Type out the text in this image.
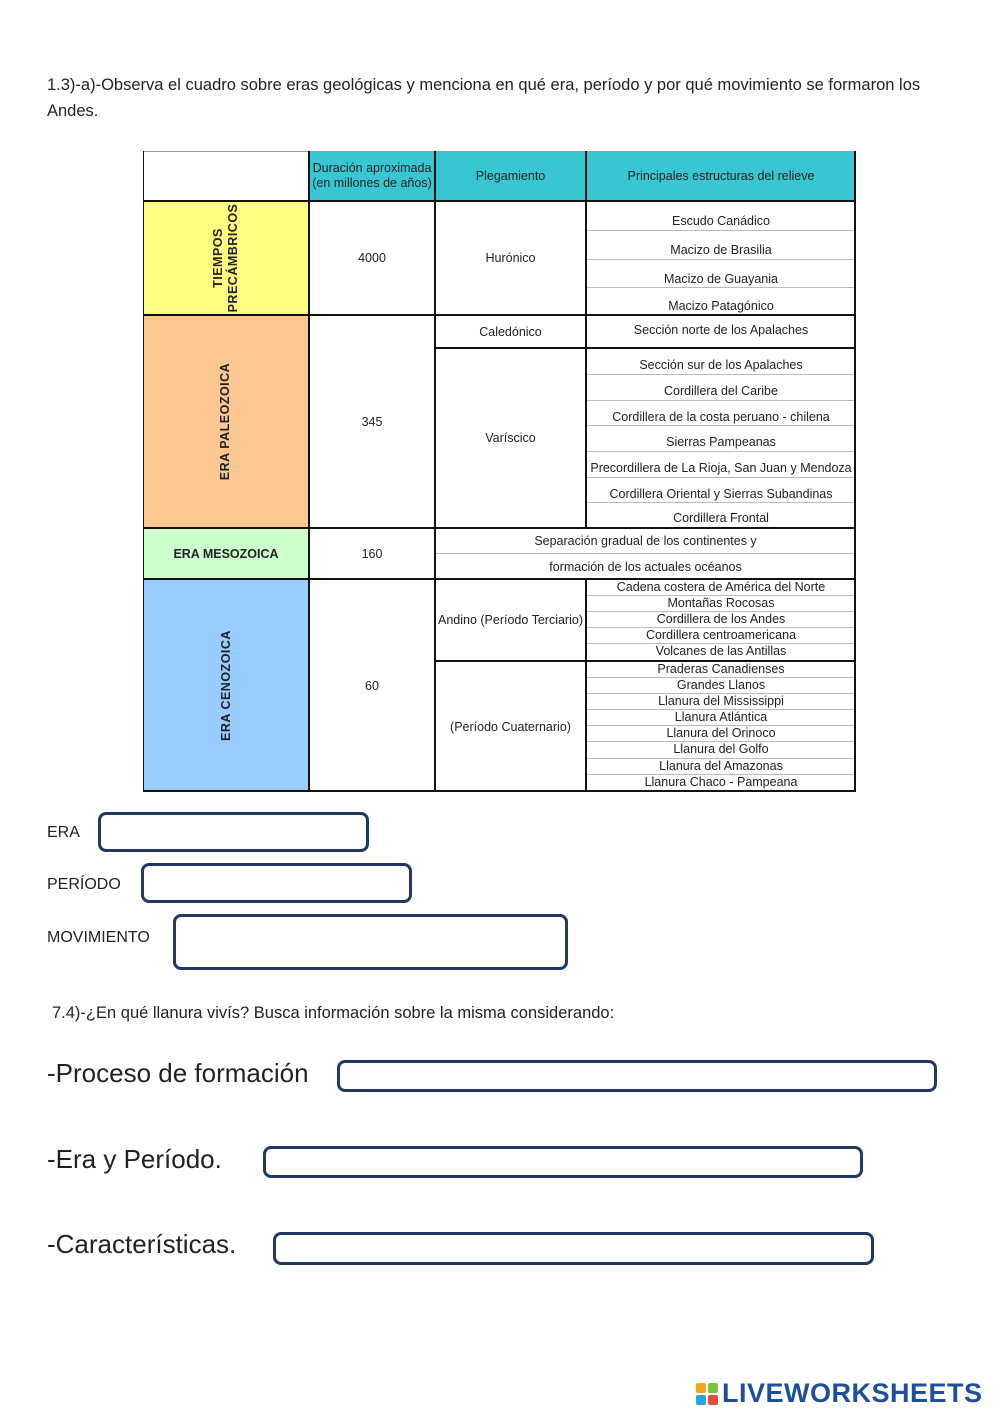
1.3)-a)-Observa el cuadro sobre eras geológicas y menciona en qué era, período y por qué movimiento se formaron los Andes.
Duración aproximada (en millones de años)
Plegamiento	Principales estructuras del relieve
TIEMPOS PRECÁMBRICOS
ERA PALEOZOICA
ERA MESOZOICA
ERA CENOZOICA
4000
345
160
60
Hurónico
Caledónico
Varíscico
Andino (Período Terciario)
(Período Cuaternario)
Escudo Canádico
Macizo de Brasilia
Macizo de Guayania
Macizo Patagónico
Sección norte de los Apalaches
Sección sur de los Apalaches
Cordillera del Caribe
Cordillera de la costa peruano - chilena
Sierras Pampeanas
Precordillera de La Rioja, San Juan y Mendoza
Cordillera Oriental y Sierras Subandinas
Cordillera Frontal
Separación gradual de los continentes y
formación de los actuales océanos
Cadena costera de América del Norte
Montañas Rocosas
Cordillera de los Andes
Cordillera centroamericana
Volcanes de las Antillas
Praderas Canadienses
Grandes Llanos
Llanura del Mississippi
Llanura Atlántica
Llanura del Orinoco
Llanura del Golfo
Llanura del Amazonas
Llanura Chaco - Pampeana
ERA
PERÍODO
MOVIMIENTO
7.4)-¿En qué llanura vivís? Busca información sobre la misma considerando:
-Proceso de formación
-Era y Período.
-Características.
LIVEWORKSHEETS
